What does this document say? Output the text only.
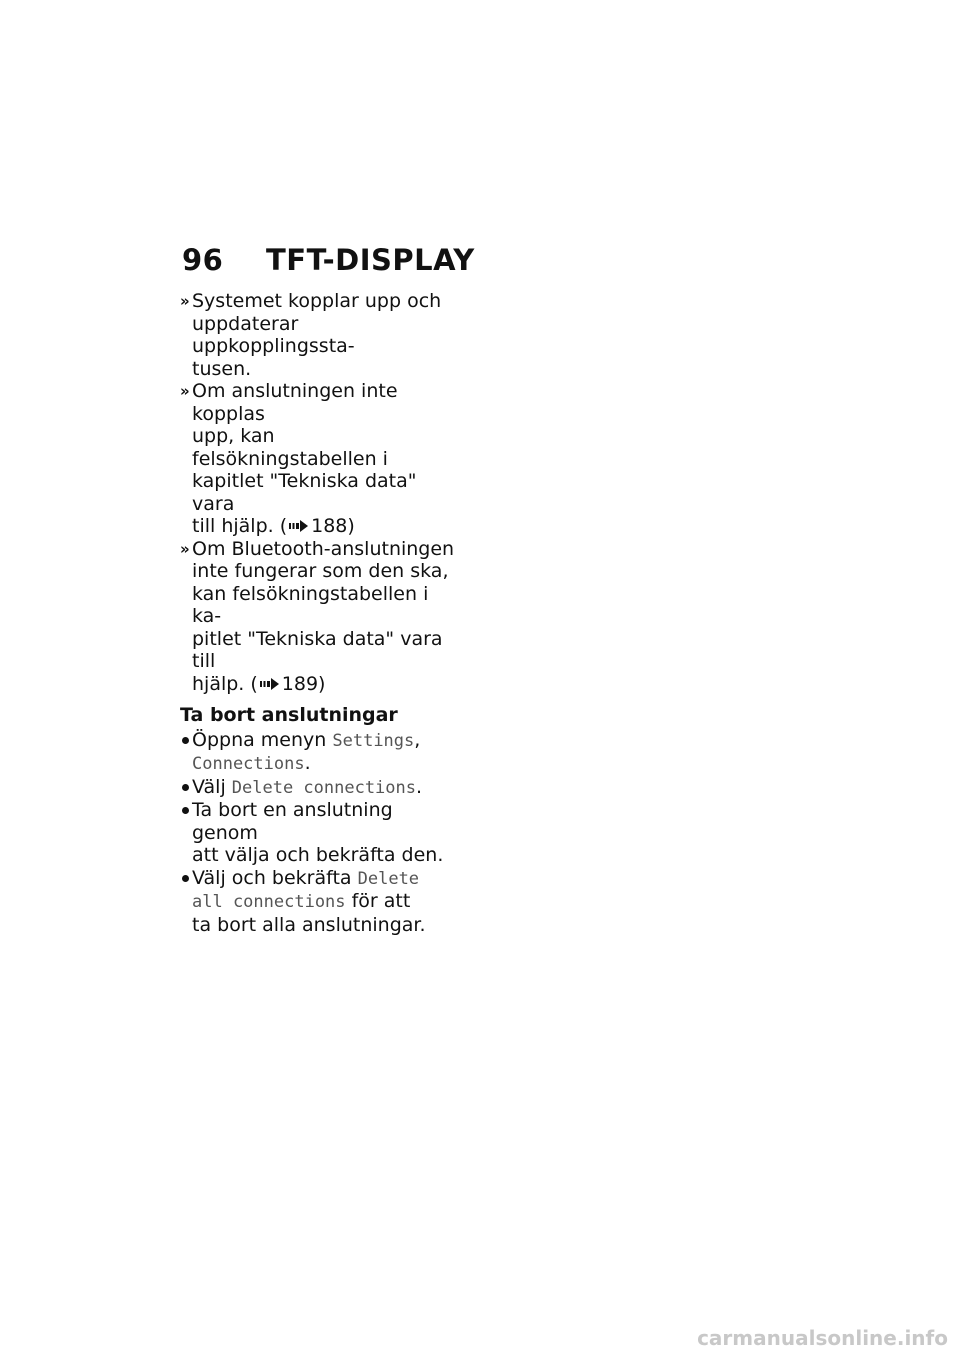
96	TFT-DISPLAY
» Systemet kopplar upp och
uppdaterar uppkopplingssta-
tusen.
» Om anslutningen inte kopplas
upp, kan felsökningstabellen i
kapitlet "Tekniska data" vara
till hjälp. ( 188)
» Om Bluetooth-anslutningen
inte fungerar som den ska,
kan felsökningstabellen i ka-
pitlet "Tekniska data" vara till
hjälp. ( 189)
Ta bort anslutningar
Öppna menyn Settings,
Connections.
Välj Delete connections.
Ta bort en anslutning genom
att välja och bekräfta den.
Välj och bekräfta Delete
all connections för att
ta bort alla anslutningar.
carmanualsonline.info
